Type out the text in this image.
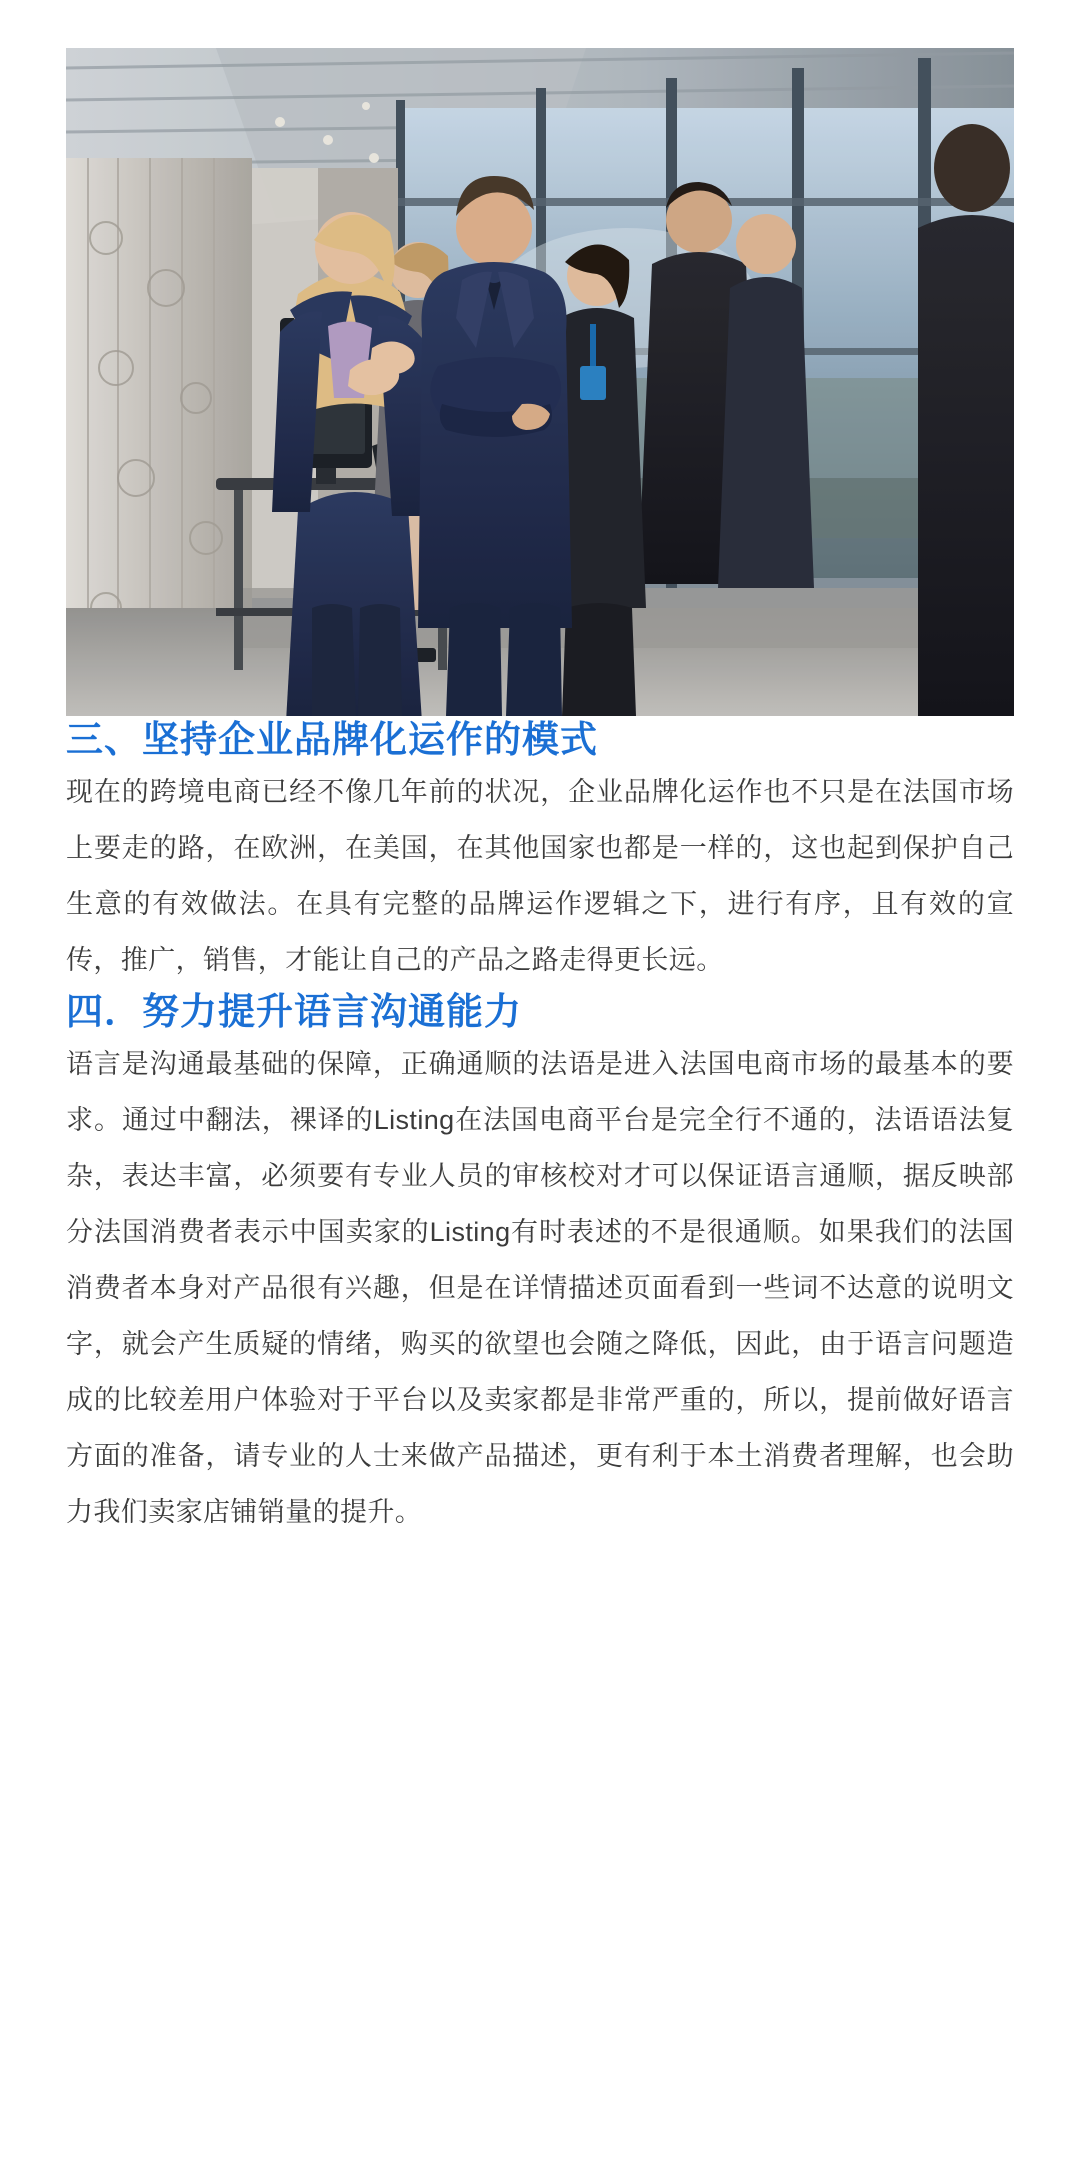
三、坚持企业品牌化运作的模式

现在的跨境电商已经不像几年前的状况，企业品牌化运作也不只是在法国市场上要走的路，在欧洲，在美国，在其他国家也都是一样的，这也起到保护自己生意的有效做法。在具有完整的品牌运作逻辑之下，进行有序，且有效的宣传，推广，销售，才能让自己的产品之路走得更长远。

四．努力提升语言沟通能力

语言是沟通最基础的保障，正确通顺的法语是进入法国电商市场的最基本的要求。通过中翻法，裸译的Listing在法国电商平台是完全行不通的，法语语法复杂，表达丰富，必须要有专业人员的审核校对才可以保证语言通顺，据反映部分法国消费者表示中国卖家的Listing有时表述的不是很通顺。如果我们的法国消费者本身对产品很有兴趣，但是在详情描述页面看到一些词不达意的说明文字，就会产生质疑的情绪，购买的欲望也会随之降低，因此，由于语言问题造成的比较差用户体验对于平台以及卖家都是非常严重的，所以，提前做好语言方面的准备，请专业的人士来做产品描述，更有利于本土消费者理解，也会助力我们卖家店铺销量的提升。
